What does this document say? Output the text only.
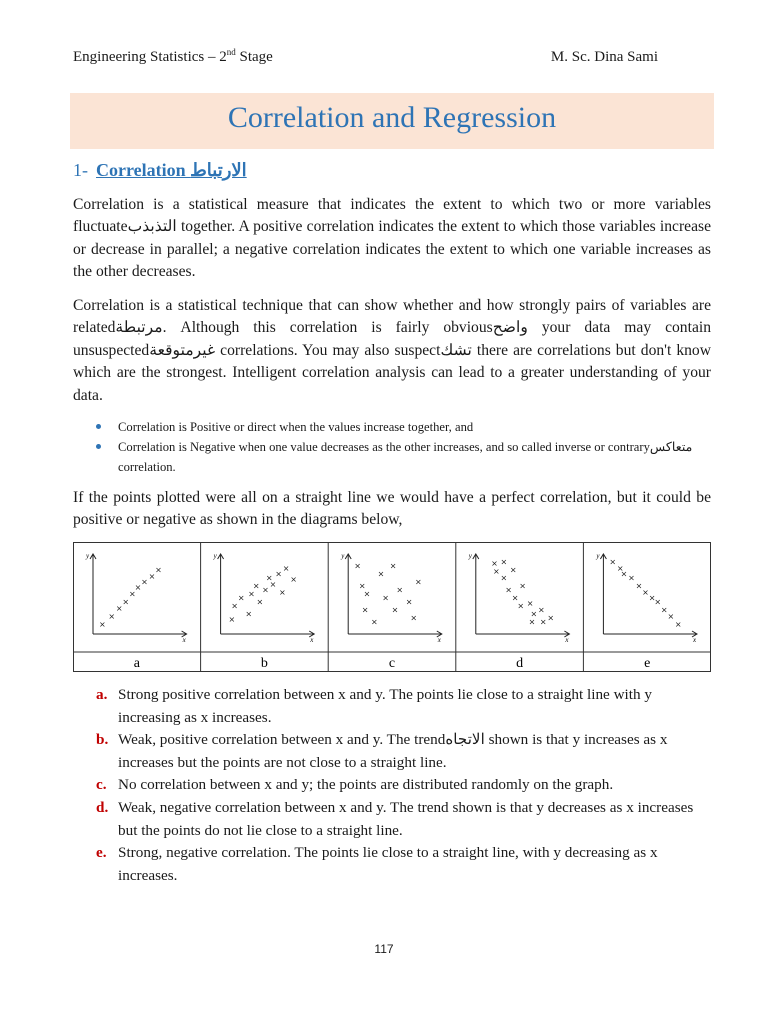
Engineering Statistics – 2nd Stage	M. Sc. Dina Sami
Correlation and Regression
1- Correlation الارتباط
Correlation is a statistical measure that indicates the extent to which two or more variables fluctuateالتذبذب together. A positive correlation indicates the extent to which those variables increase or decrease in parallel; a negative correlation indicates the extent to which one variable increases as the other decreases.
Correlation is a statistical technique that can show whether and how strongly pairs of variables are relatedمرتبطة. Although this correlation is fairly obviousواضح your data may contain unsuspectedغيرمتوقعة correlations. You may also suspectتشك there are correlations but don't know which are the strongest. Intelligent correlation analysis can lead to a greater understanding of your data.
Correlation is Positive or direct when the values increase together, and
Correlation is Negative when one value decreases as the other increases, and so called inverse or contraryمتعاكس correlation.
If the points plotted were all on a straight line we would have a perfect correlation, but it could be positive or negative as shown in the diagrams below,
y
x
×
×
×
×
×
×
×
×
×
a
y
x
×
×
×
×
×
×
×
×
×
×
×
×
×
×
b
y
x
×
×
×
×
×
×
×
×
×
×
×
×
×
c
y
x
× ×
×
×
×
×
×
×
× ×
× ×
× ×
×
d
y
x
×
×
× ×
×
×
×
×
×
×
×
e
a. Strong positive correlation between x and y. The points lie close to a straight line with y increasing as x increases.
b. Weak, positive correlation between x and y. The trendالاتجاه shown is that y increases as x increases but the points are not close to a straight line.
c. No correlation between x and y; the points are distributed randomly on the graph.
d. Weak, negative correlation between x and y. The trend shown is that y decreases as x increases but the points do not lie close to a straight line.
e. Strong, negative correlation. The points lie close to a straight line, with y decreasing as x increases.
117
